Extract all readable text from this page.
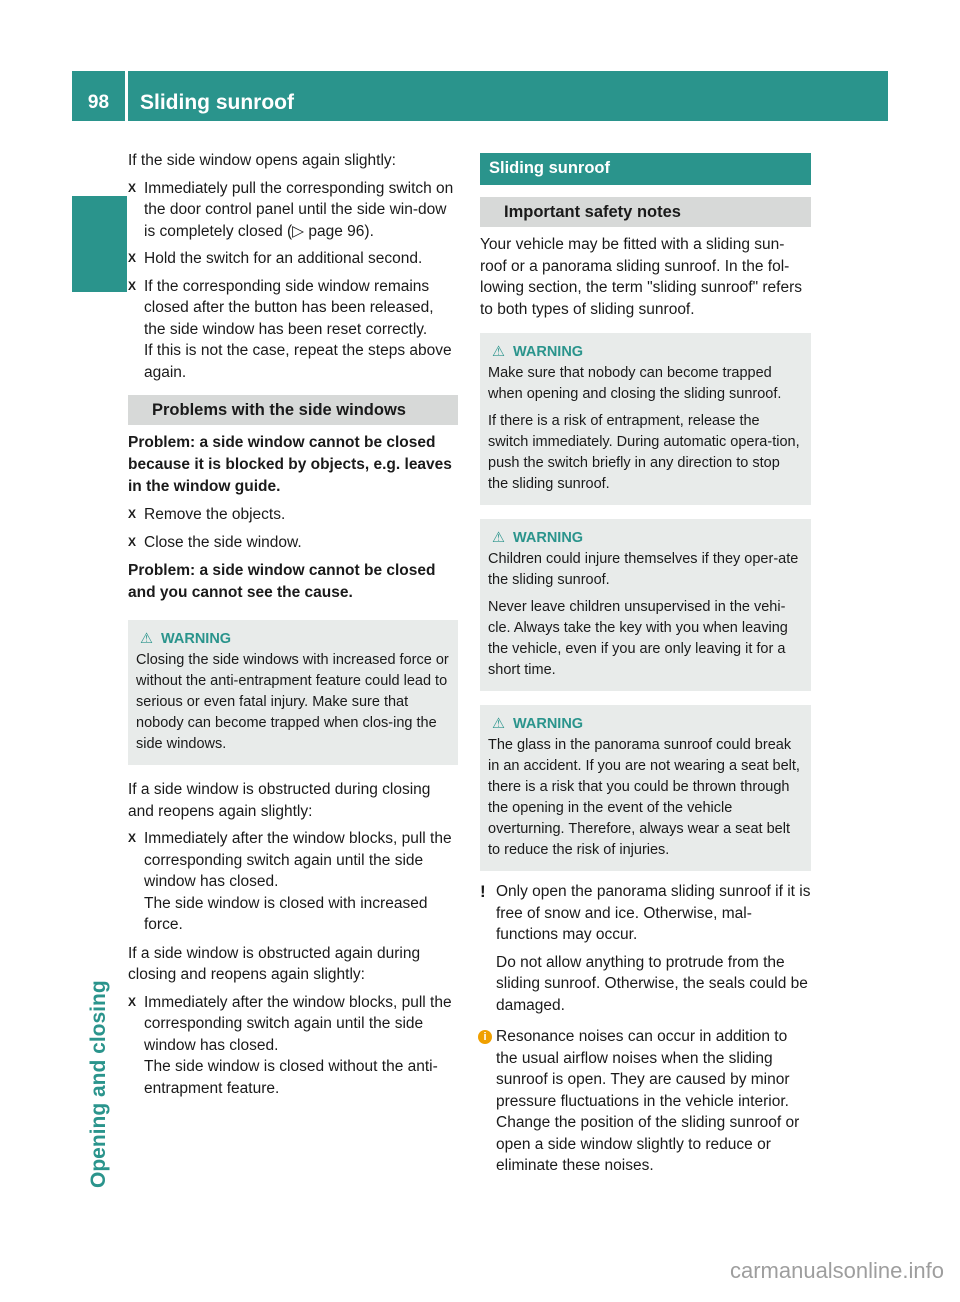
98	Sliding sunroof
Opening and closing

If the side window opens again slightly:

X Immediately pull the corresponding switch on the door control panel until the side win-dow is completely closed (▷ page 96).
X Hold the switch for an additional second.
X If the corresponding side window remains closed after the button has been released, the side window has been reset correctly.
If this is not the case, repeat the steps above again.
Problems with the side windows
Problem: a side window cannot be closed because it is blocked by objects, e.g. leaves in the window guide.
X Remove the objects.
X Close the side window.
Problem: a side window cannot be closed and you cannot see the cause.
⚠ WARNING

Closing the side windows with increased force or without the anti-entrapment feature could lead to serious or even fatal injury. Make sure that nobody can become trapped when clos-ing the side windows.

If a side window is obstructed during closing and reopens again slightly:

X Immediately after the window blocks, pull the corresponding switch again until the side window has closed.
The side window is closed with increased force.

If a side window is obstructed again during closing and reopens again slightly:

X Immediately after the window blocks, pull the corresponding switch again until the side window has closed.
The side window is closed without the anti-entrapment feature.
Sliding sunroof
Important safety notes

Your vehicle may be fitted with a sliding sun-roof or a panorama sliding sunroof. In the fol-lowing section, the term "sliding sunroof" refers to both types of sliding sunroof.

⚠ WARNING

Make sure that nobody can become trapped when opening and closing the sliding sunroof.

If there is a risk of entrapment, release the switch immediately. During automatic opera-tion, push the switch briefly in any direction to stop the sliding sunroof.

⚠ WARNING

Children could injure themselves if they oper-ate the sliding sunroof.

Never leave children unsupervised in the vehi-cle. Always take the key with you when leaving the vehicle, even if you are only leaving it for a short time.

⚠ WARNING

The glass in the panorama sunroof could break in an accident. If you are not wearing a seat belt, there is a risk that you could be thrown through the opening in the event of the vehicle overturning. Therefore, always wear a seat belt to reduce the risk of injuries.

! Only open the panorama sliding sunroof if it is free of snow and ice. Otherwise, mal-functions may occur.
Do not allow anything to protrude from the sliding sunroof. Otherwise, the seals could be damaged.
i Resonance noises can occur in addition to the usual airflow noises when the sliding sunroof is open. They are caused by minor pressure fluctuations in the vehicle interior. Change the position of the sliding sunroof or open a side window slightly to reduce or eliminate these noises.
carmanualsonline.info
